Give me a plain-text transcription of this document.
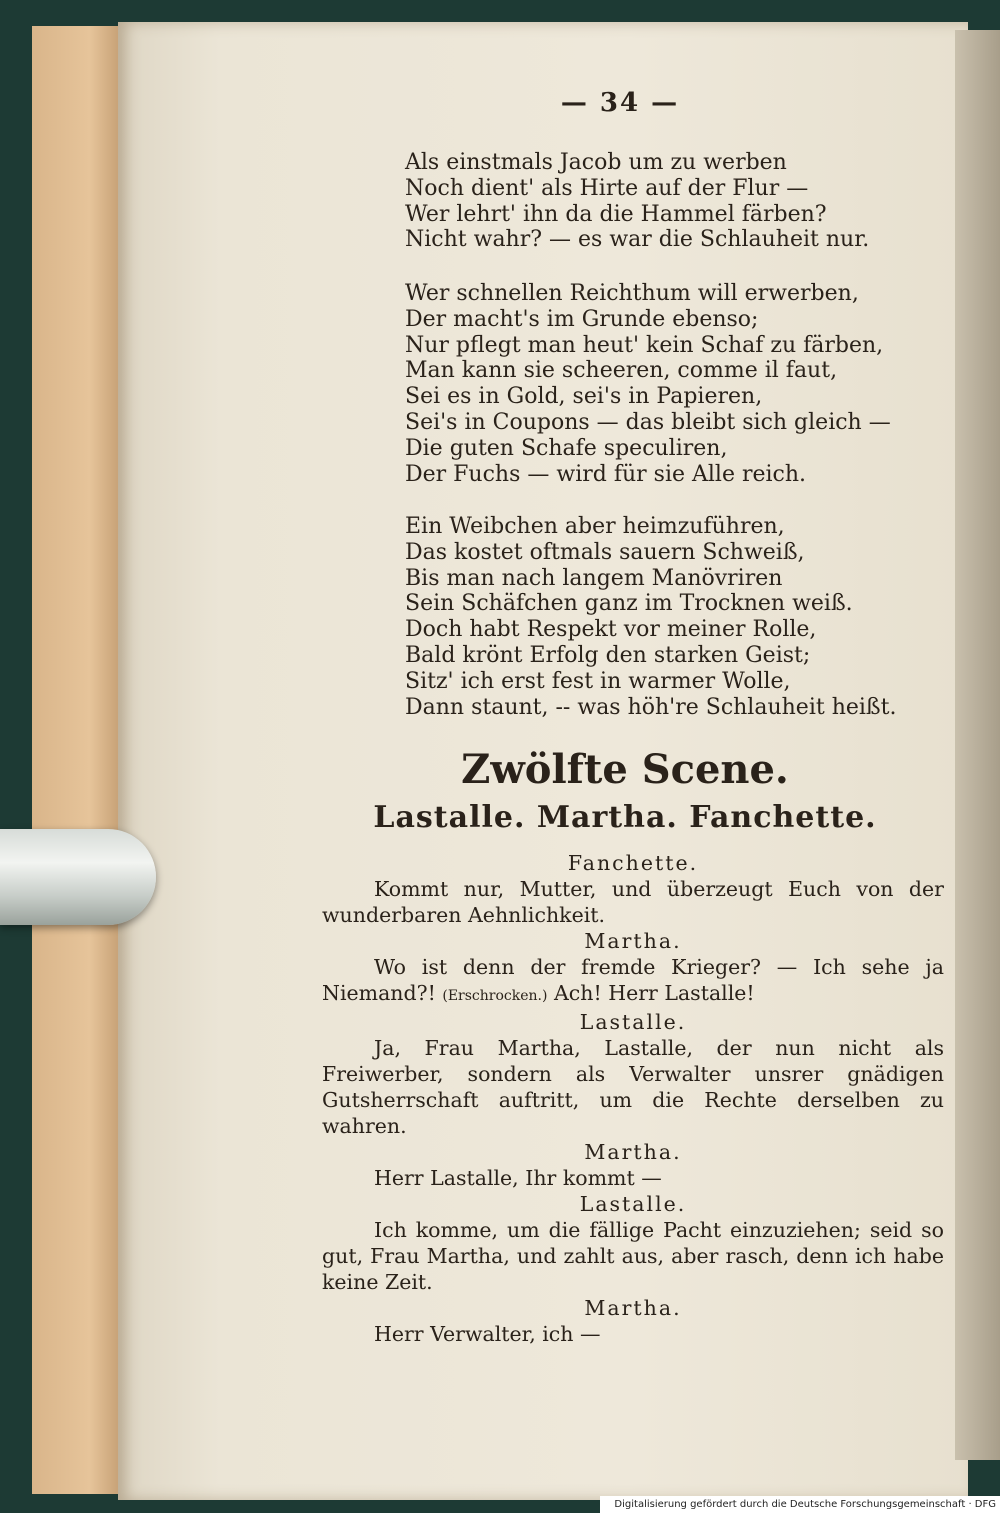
— 34 —
Als einstmals Jacob um zu werben
Noch dient' als Hirte auf der Flur —
Wer lehrt' ihn da die Hammel färben?
Nicht wahr? — es war die Schlauheit nur.
Wer schnellen Reichthum will erwerben,
Der macht's im Grunde ebenso;
Nur pflegt man heut' kein Schaf zu färben,
Man kann sie scheeren, comme il faut,
Sei es in Gold, sei's in Papieren,
Sei's in Coupons — das bleibt sich gleich —
Die guten Schafe speculiren,
Der Fuchs — wird für sie Alle reich.
Ein Weibchen aber heimzuführen,
Das kostet oftmals sauern Schweiß,
Bis man nach langem Manövriren
Sein Schäfchen ganz im Trocknen weiß.
Doch habt Respekt vor meiner Rolle,
Bald krönt Erfolg den starken Geist;
Sitz' ich erst fest in warmer Wolle,
Dann staunt, -- was höh're Schlauheit heißt.
Zwölfte Scene.
Lastalle. Martha. Fanchette.

Fanchette.

Kommt nur, Mutter, und überzeugt Euch von der wunderbaren Aehnlichkeit.

Martha.

Wo ist denn der fremde Krieger? — Ich sehe ja Niemand?! (Erschrocken.) Ach! Herr Lastalle!

Lastalle.

Ja, Frau Martha, Lastalle, der nun nicht als Freiwerber, sondern als Verwalter unsrer gnädigen Gutsherrschaft auftritt, um die Rechte derselben zu wahren.

Martha.

Herr Lastalle, Ihr kommt —

Lastalle.

Ich komme, um die fällige Pacht einzuziehen; seid so gut, Frau Martha, und zahlt aus, aber rasch, denn ich habe keine Zeit.

Martha.

Herr Verwalter, ich —

Digitalisierung gefördert durch die Deutsche Forschungsgemeinschaft · DFG
